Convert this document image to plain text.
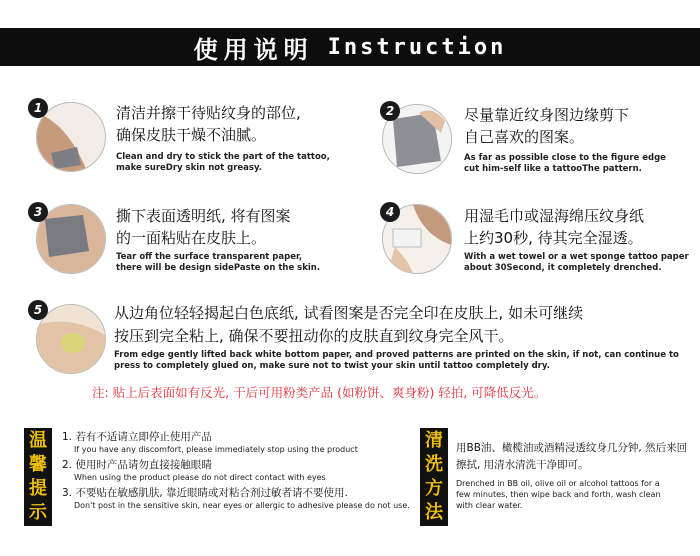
使用说明 Instruction
1	清洁并擦干待贴纹身的部位,
确保皮肤干燥不油腻。
Clean and dry to stick the part of the tattoo, make sureDry skin not greasy.
2	尽量靠近纹身图边缘剪下
自己喜欢的图案。
As far as possible close to the figure edge cut him-self like a tattooThe pattern.
3	撕下表面透明纸, 将有图案
的一面粘贴在皮肤上。
Tear off the surface transparent paper, there will be design sidePaste on the skin.
4	用湿毛巾或湿海绵压纹身纸
上约30秒, 待其完全湿透。
With a wet towel or a wet sponge tattoo paper about 30Second, it completely drenched.
5	从边角位轻轻揭起白色底纸, 试看图案是否完全印在皮肤上, 如未可继续
按压到完全粘上, 确保不要扭动你的皮肤直到纹身完全风干。
From edge gently lifted back white bottom paper, and proved patterns are printed on the skin, if not, can continue to press to completely glued on, make sure not to twist your skin until tattoo completely dry.
注: 贴上后表面如有反光, 干后可用粉类产品 (如粉饼、爽身粉) 轻拍, 可降低反光。
温
馨
提
示
1. 若有不适请立即停止使用产品
If you have any discomfort, please immediately stop using the product
2. 使用时产品请勿直接接触眼睛
When using the product please do not direct contact with eyes
3. 不要贴在敏感肌肤, 靠近眼睛或对粘合剂过敏者请不要使用.
Don't post in the sensitive skin, near eyes or allergic to adhesive please do not use.
清
洗
方
法
用BB油、橄榄油或酒精浸透纹身几分钟, 然后来回擦拭, 用清水清洗干净即可。
Drenched in BB oil, olive oil or alcohol tattoos for a few minutes, then wipe back and forth, wash clean with clear water.
